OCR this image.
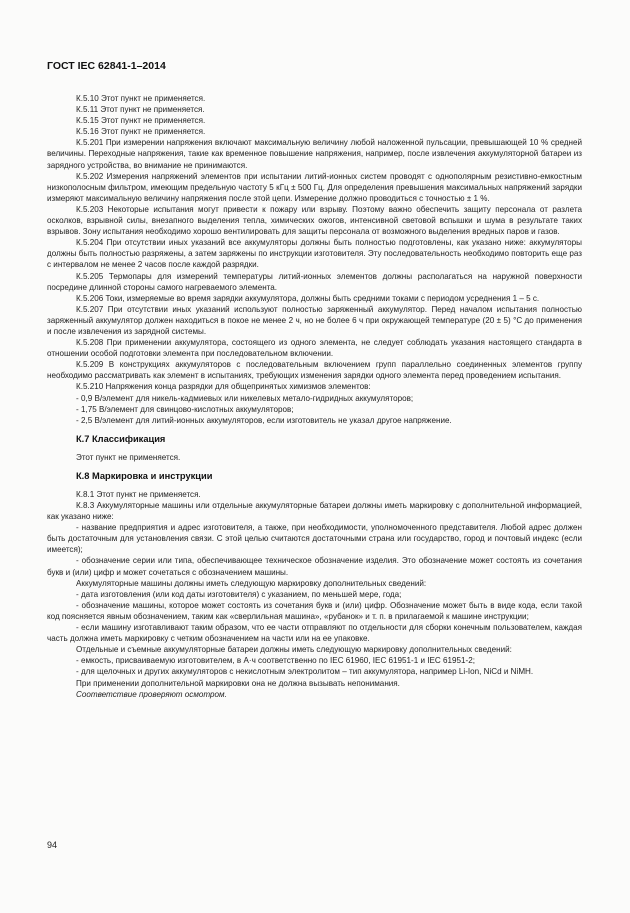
ГОСТ IEC 62841-1–2014

К.5.10 Этот пункт не применяется.

К.5.11 Этот пункт не применяется.

К.5.15 Этот пункт не применяется.

К.5.16 Этот пункт не применяется.

К.5.201 При измерении напряжения включают максимальную величину любой наложенной пульсации, превышающей 10 % средней величины. Переходные напряжения, такие как временное повышение напряжения, например, после извлечения аккумуляторной батареи из зарядного устройства, во внимание не принимаются.

К.5.202 Измерения напряжений элементов при испытании литий-ионных систем проводят с однополярным резистивно-емкостным низкополосным фильтром, имеющим предельную частоту 5 кГц ± 500 Гц. Для определения превышения максимальных напряжений зарядки измеряют максимальную величину напряжения после этой цепи. Измерение должно проводиться с точностью ± 1 %.

К.5.203 Некоторые испытания могут привести к пожару или взрыву. Поэтому важно обеспечить защиту персонала от разлета осколков, взрывной силы, внезапного выделения тепла, химических ожогов, интенсивной световой вспышки и шума в результате таких взрывов. Зону испытания необходимо хорошо вентилировать для защиты персонала от возможного выделения вредных паров и газов.

К.5.204 При отсутствии иных указаний все аккумуляторы должны быть полностью подготовлены, как указано ниже: аккумуляторы должны быть полностью разряжены, а затем заряжены по инструкции изготовителя. Эту последовательность необходимо повторить еще раз с интервалом не менее 2 часов после каждой разрядки.

К.5.205 Термопары для измерений температуры литий-ионных элементов должны располагаться на наружной поверхности посредине длинной стороны самого нагреваемого элемента.

К.5.206 Токи, измеряемые во время зарядки аккумулятора, должны быть средними токами с периодом усреднения 1 – 5 с.

К.5.207 При отсутствии иных указаний используют полностью заряженный аккумулятор. Перед началом испытания полностью заряженный аккумулятор должен находиться в покое не менее 2 ч, но не более 6 ч при окружающей температуре (20 ± 5) °С до применения и после извлечения из зарядной системы.

К.5.208 При применении аккумулятора, состоящего из одного элемента, не следует соблюдать указания настоящего стандарта в отношении особой подготовки элемента при последовательном включении.

К.5.209 В конструкциях аккумуляторов с последовательным включением групп параллельно соединенных элементов группу необходимо рассматривать как элемент в испытаниях, требующих изменения зарядки одного элемента перед проведением испытания.

К.5.210 Напряжения конца разрядки для общепринятых химизмов элементов:

- 0,9 В/элемент для никель-кадмиевых или никелевых метало-гидридных аккумуляторов;

- 1,75 В/элемент для свинцово-кислотных аккумуляторов;

- 2,5 В/элемент для литий-ионных аккумуляторов, если изготовитель не указал другое напряжение.

К.7 Классификация

Этот пункт не применяется.

К.8 Маркировка и инструкции

К.8.1 Этот пункт не применяется.

К.8.3 Аккумуляторные машины или отдельные аккумуляторные батареи должны иметь маркировку с дополнительной информацией, как указано ниже:

- название предприятия и адрес изготовителя, а также, при необходимости, уполномоченного представителя. Любой адрес должен быть достаточным для установления связи. С этой целью считаются достаточными страна или государство, город и почтовый индекс (если имеется);

- обозначение серии или типа, обеспечивающее техническое обозначение изделия. Это обозначение может состоять из сочетания букв и (или) цифр и может сочетаться с обозначением машины.

Аккумуляторные машины должны иметь следующую маркировку дополнительных сведений:

- дата изготовления (или код даты изготовителя) с указанием, по меньшей мере, года;

- обозначение машины, которое может состоять из сочетания букв и (или) цифр. Обозначение может быть в виде кода, если такой код поясняется явным обозначением, таким как «сверлильная машина», «рубанок» и т. п. в прилагаемой к машине инструкции;

- если машину изготавливают таким образом, что ее части отправляют по отдельности для сборки конечным пользователем, каждая часть должна иметь маркировку с четким обозначением на части или на ее упаковке.

Отдельные и съемные аккумуляторные батареи должны иметь следующую маркировку дополнительных сведений:

- емкость, присваиваемую изготовителем, в А·ч соответственно по IEC 61960, IEC 61951-1 и IEC 61951-2;

- для щелочных и других аккумуляторов с некислотным электролитом – тип аккумулятора, например Li-Ion, NiCd и NiMH.

При применении дополнительной маркировки она не должна вызывать непонимания.

Соответствие проверяют осмотром.

94
